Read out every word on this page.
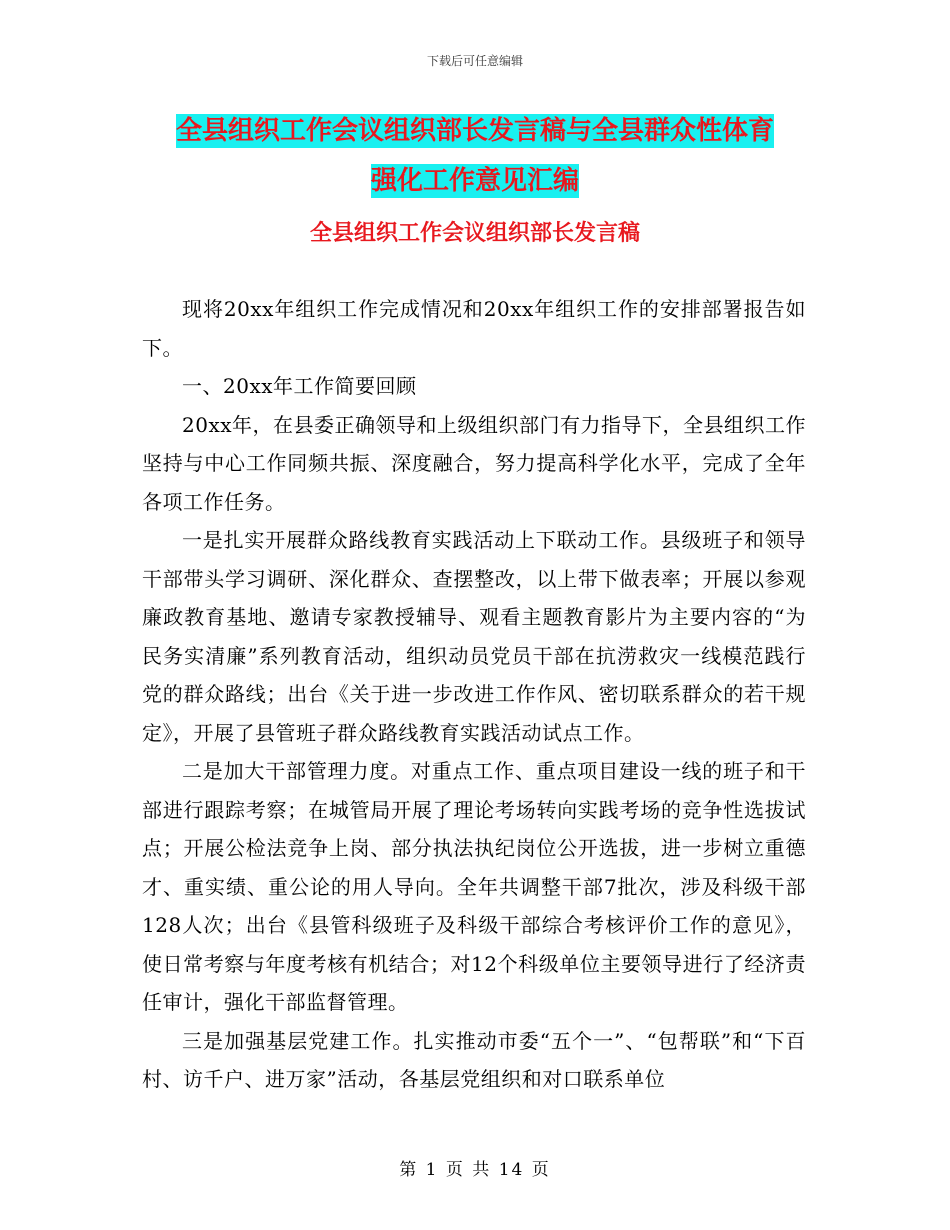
下载后可任意编辑
全县组织工作会议组织部长发言稿与全县群众性体育
强化工作意见汇编
全县组织工作会议组织部长发言稿

现将20xx年组织工作完成情况和20xx年组织工作的安排部署报告如下。

一、20xx年工作简要回顾

20xx年，在县委正确领导和上级组织部门有力指导下，全县组织工作坚持与中心工作同频共振、深度融合，努力提高科学化水平，完成了全年各项工作任务。

一是扎实开展群众路线教育实践活动上下联动工作。县级班子和领导干部带头学习调研、深化群众、查摆整改，以上带下做表率；开展以参观廉政教育基地、邀请专家教授辅导、观看主题教育影片为主要内容的“为民务实清廉”系列教育活动，组织动员党员干部在抗涝救灾一线模范践行党的群众路线；出台《关于进一步改进工作作风、密切联系群众的若干规定》，开展了县管班子群众路线教育实践活动试点工作。

二是加大干部管理力度。对重点工作、重点项目建设一线的班子和干部进行跟踪考察；在城管局开展了理论考场转向实践考场的竞争性选拔试点；开展公检法竞争上岗、部分执法执纪岗位公开选拔，进一步树立重德才、重实绩、重公论的用人导向。全年共调整干部7批次，涉及科级干部128人次；出台《县管科级班子及科级干部综合考核评价工作的意见》，使日常考察与年度考核有机结合；对12个科级单位主要领导进行了经济责任审计，强化干部监督管理。

三是加强基层党建工作。扎实推动市委“五个一”、“包帮联”和“下百村、访千户、进万家”活动，各基层党组织和对口联系单位

第 1 页 共 14 页
